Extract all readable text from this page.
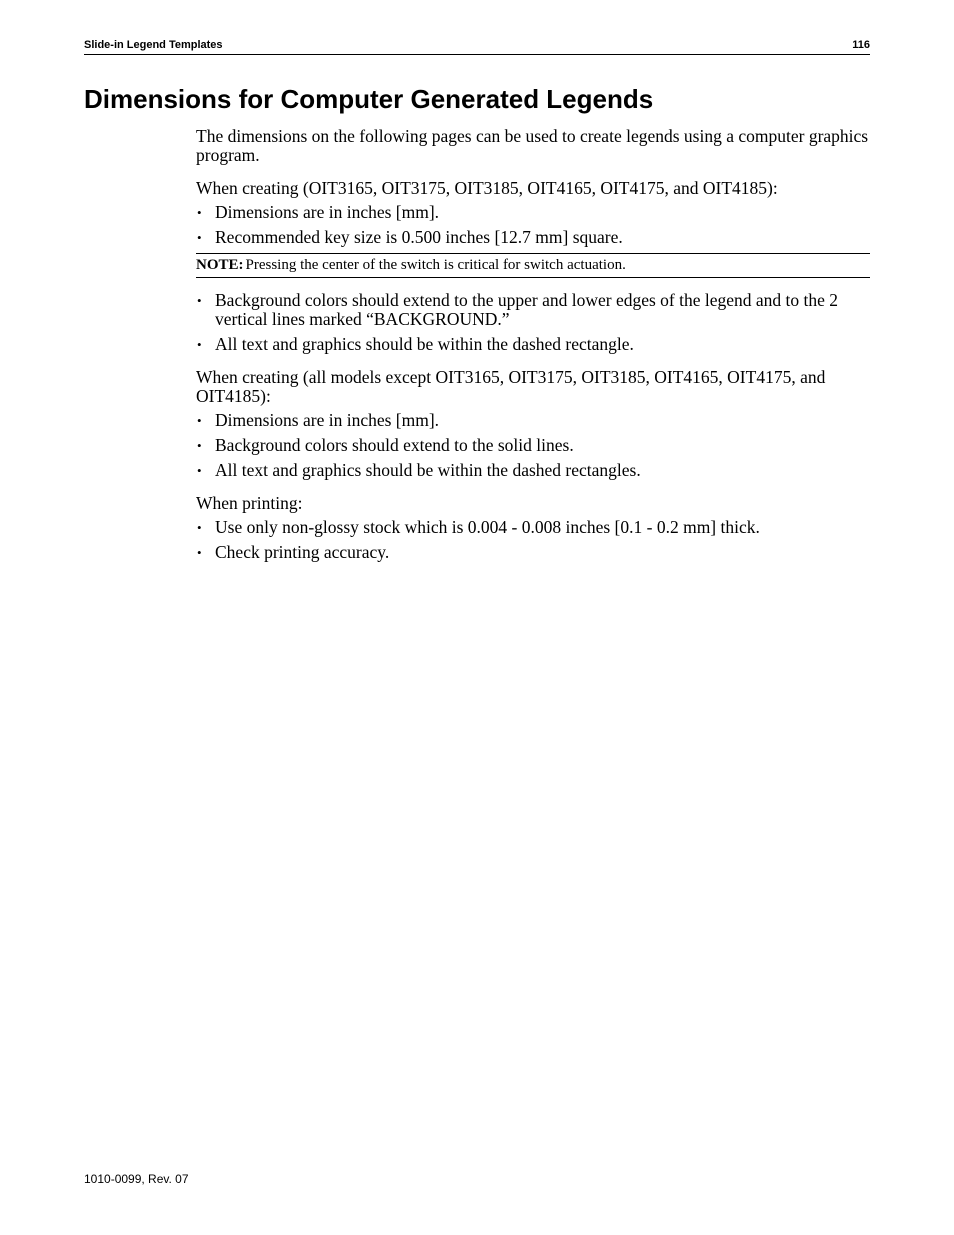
Slide-in Legend Templates	116
Dimensions for Computer Generated Legends

The dimensions on the following pages can be used to create legends using a computer graphics program.

When creating (OIT3165, OIT3175, OIT3185, OIT4165, OIT4175, and OIT4185):

• Dimensions are in inches [mm].
• Recommended key size is 0.500 inches [12.7 mm] square.
NOTE: Pressing the center of the switch is critical for switch actuation.
• Background colors should extend to the upper and lower edges of the legend and to the 2 vertical lines marked “BACKGROUND.”
• All text and graphics should be within the dashed rectangle.

When creating (all models except OIT3165, OIT3175, OIT3185, OIT4165, OIT4175, and OIT4185):

• Dimensions are in inches [mm].
• Background colors should extend to the solid lines.
• All text and graphics should be within the dashed rectangles.

When printing:

• Use only non-glossy stock which is 0.004 - 0.008 inches [0.1 - 0.2 mm] thick.
• Check printing accuracy.
1010-0099, Rev. 07
